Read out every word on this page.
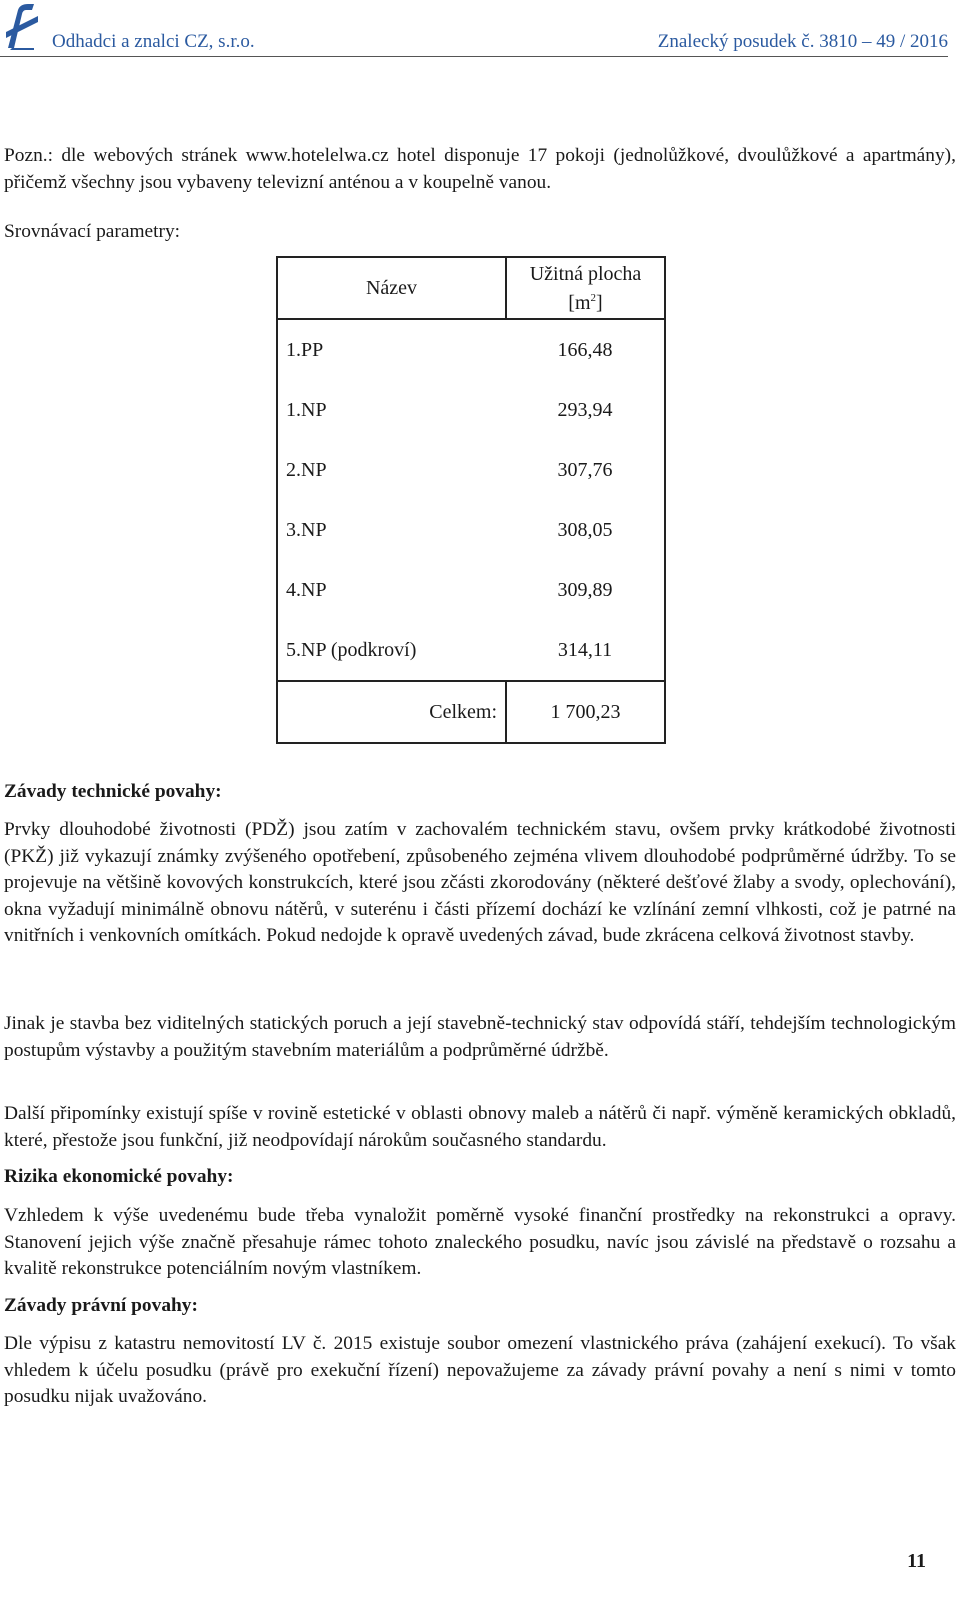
Odhadci a znalci CZ, s.r.o.	Znalecký posudek č. 3810 – 49 / 2016
Pozn.: dle webových stránek www.hotelelwa.cz hotel disponuje 17 pokoji (jednolůžkové, dvoulůžkové a apartmány), přičemž všechny jsou vybaveny televizní anténou a v koupelně vanou.
Srovnávací parametry:
Název	Užitná plocha
$[m^2]$
1.PP	166,48
1.NP	293,94
2.NP	307,76
3.NP	308,05
4.NP	309,89
5.NP (podkroví)	314,11
Celkem:	1 700,23
Závady technické povahy:
Prvky dlouhodobé životnosti (PDŽ) jsou zatím v zachovalém technickém stavu, ovšem prvky krátkodobé životnosti (PKŽ) již vykazují známky zvýšeného opotřebení, způsobeného zejména vlivem dlouhodobé podprůměrné údržby. To se projevuje na většině kovových konstrukcích, které jsou zčásti zkorodovány (některé dešťové žlaby a svody, oplechování), okna vyžadují minimálně obnovu nátěrů, v suterénu i části přízemí dochází ke vzlínání zemní vlhkosti, což je patrné na vnitřních i venkovních omítkách. Pokud nedojde k opravě uvedených závad, bude zkrácena celková životnost stavby.
Jinak je stavba bez viditelných statických poruch a její stavebně-technický stav odpovídá stáří, tehdejším technologickým postupům výstavby a použitým stavebním materiálům a podprůměrné údržbě.
Další připomínky existují spíše v rovině estetické v oblasti obnovy maleb a nátěrů či např. výměně keramických obkladů, které, přestože jsou funkční, již neodpovídají nárokům současného standardu.
Rizika ekonomické povahy:
Vzhledem k výše uvedenému bude třeba vynaložit poměrně vysoké finanční prostředky na rekonstrukci a opravy. Stanovení jejich výše značně přesahuje rámec tohoto znaleckého posudku, navíc jsou závislé na představě o rozsahu a kvalitě rekonstrukce potenciálním novým vlastníkem.
Závady právní povahy:
Dle výpisu z katastru nemovitostí LV č. 2015 existuje soubor omezení vlastnického práva (zahájení exekucí). To však vhledem k účelu posudku (právě pro exekuční řízení) nepovažujeme za závady právní povahy a není s nimi v tomto posudku nijak uvažováno.
11
